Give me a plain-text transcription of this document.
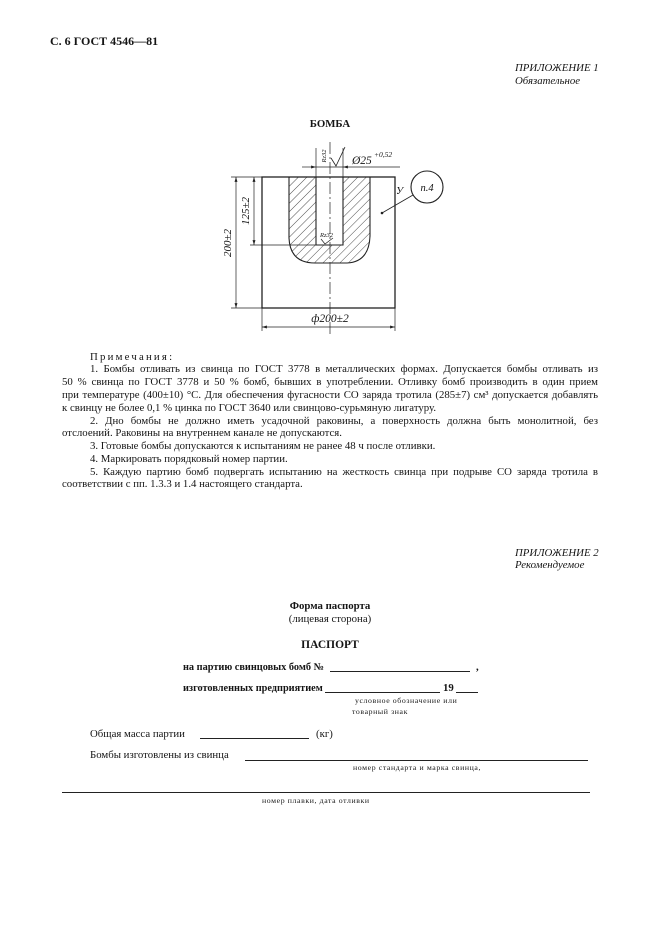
С. 6 ГОСТ 4546—81
ПРИЛОЖЕНИЕ 1
Обязательное
БОМБА
Ø25
+0,52
Rz32
Rz32
У п.4
200±2
125±2
ф200±2
Примечания:
1. Бомбы отливать из свинца по ГОСТ 3778 в металлических формах. Допускается бомбы отливать из
50 % свинца по ГОСТ 3778 и 50 % бомб, бывших в употреблении. Отливку бомб производить в один прием
при температуре (400±10) °С. Для обеспечения фугасности СО заряда тротила (285±7) см³ допускается добавлять
к свинцу не более 0,1 % цинка по ГОСТ 3640 или свинцово-сурьмяную лигатуру.
2. Дно бомбы не должно иметь усадочной раковины, а поверхность должна быть монолитной, без
отслоений. Раковины на внутреннем канале не допускаются.
3. Готовые бомбы допускаются к испытаниям не ранее 48 ч после отливки.
4. Маркировать порядковый номер партии.
5. Каждую партию бомб подвергать испытанию на жесткость свинца при подрыве СО заряда тротила в
соответствии с пп. 1.3.3 и 1.4 настоящего стандарта.
ПРИЛОЖЕНИЕ 2
Рекомендуемое
Форма паспорта
(лицевая сторона)
ПАСПОРТ
на партию свинцовых бомб №	,
изготовленных предприятием	19
условное обозначение или
товарный знак
Общая масса партии	(кг)
Бомбы изготовлены из свинца
номер стандарта и марка свинца,
номер плавки, дата отливки
